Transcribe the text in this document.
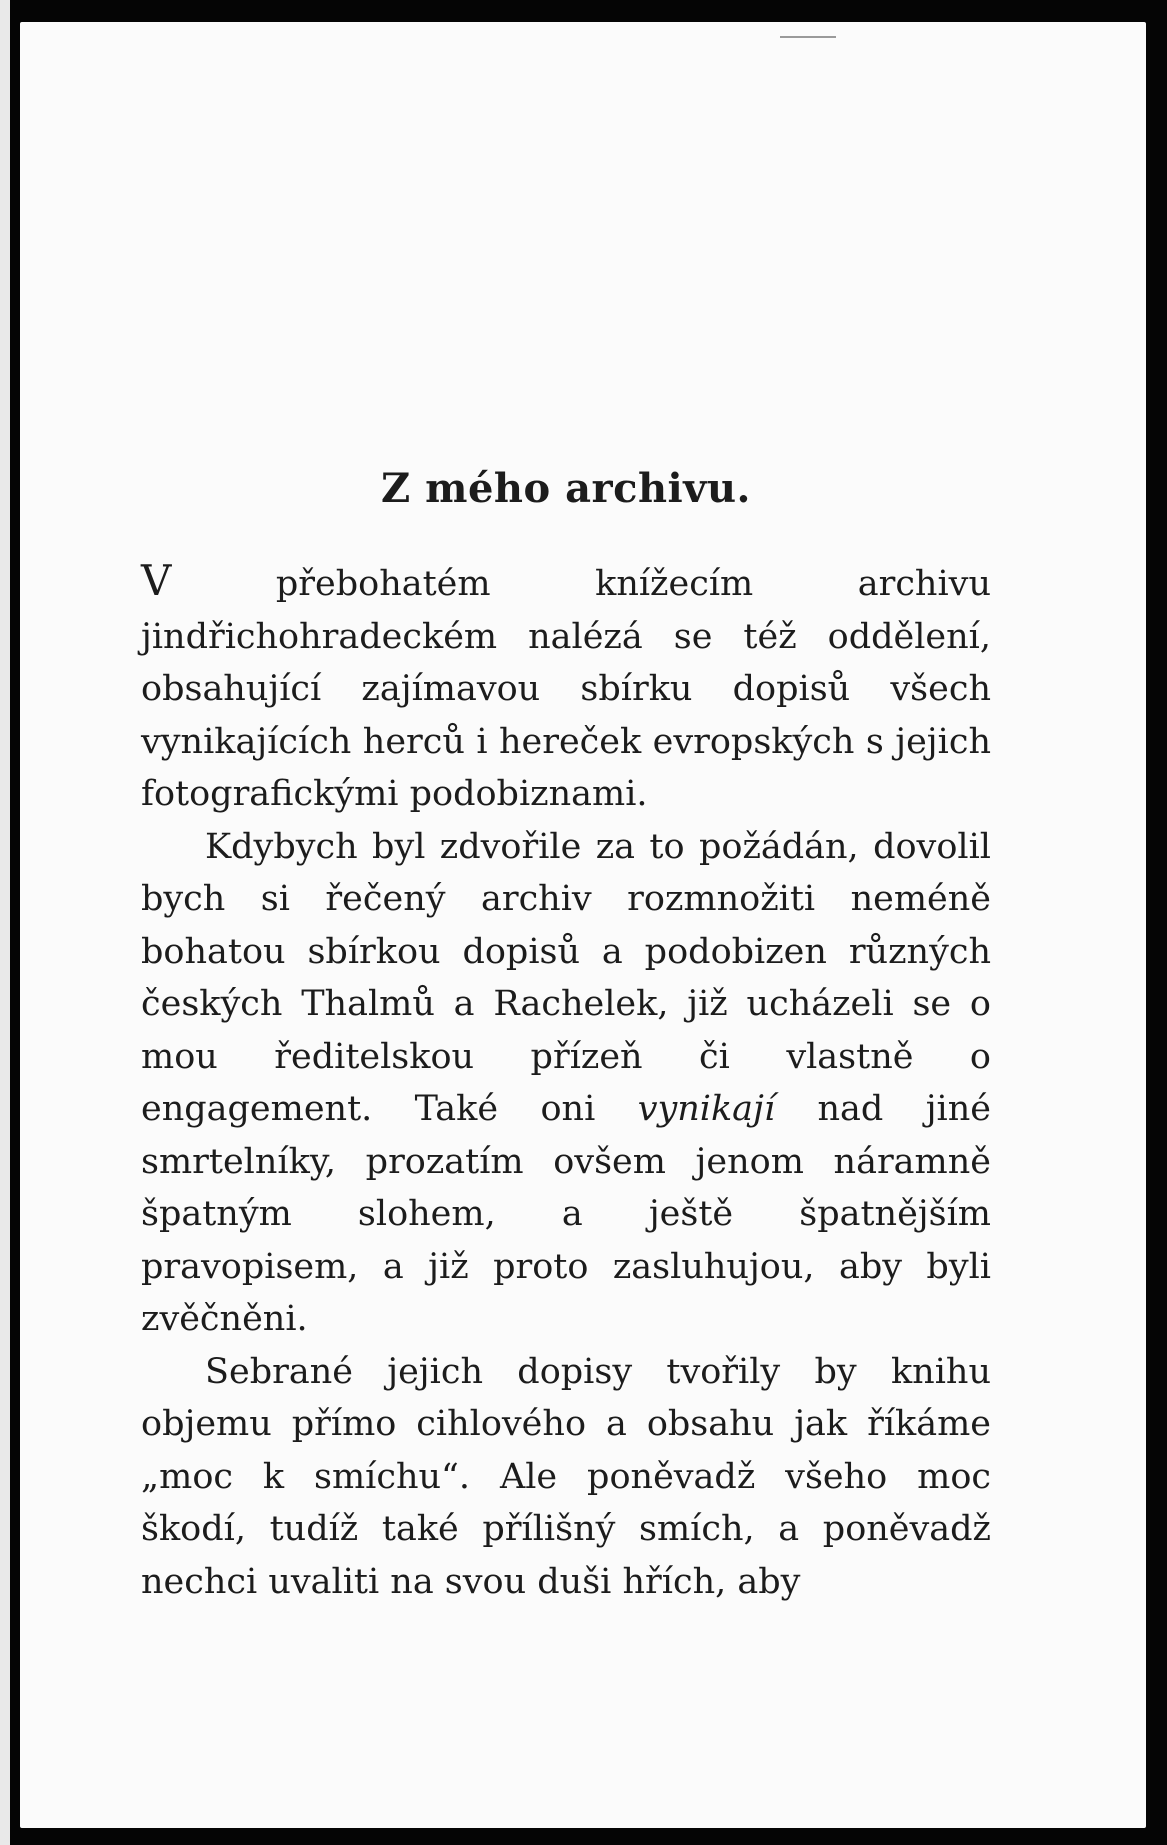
Z mého archivu.

V přebohatém knížecím archivu jindřichohradeckém nalézá se též oddělení, obsahující zajímavou sbírku dopisů všech vynikajících herců i hereček evropských s jejich fotografickými podobiznami.

Kdybych byl zdvořile za to požádán, dovolil bych si řečený archiv rozmnožiti neméně bohatou sbírkou dopisů a podobizen různých českých Thalmů a Rachelek, již ucházeli se o mou ředitelskou přízeň či vlastně o engagement. Také oni vynikají nad jiné smrtelníky, prozatím ovšem jenom náramně špatným slohem, a ještě špatnějším pravopisem, a již proto zasluhujou, aby byli zvěčněni.

Sebrané jejich dopisy tvořily by knihu objemu přímo cihlového a obsahu jak říkáme „moc k smíchu“. Ale poněvadž všeho moc škodí, tudíž také přílišný smích, a poněvadž nechci uvaliti na svou duši hřích, aby
